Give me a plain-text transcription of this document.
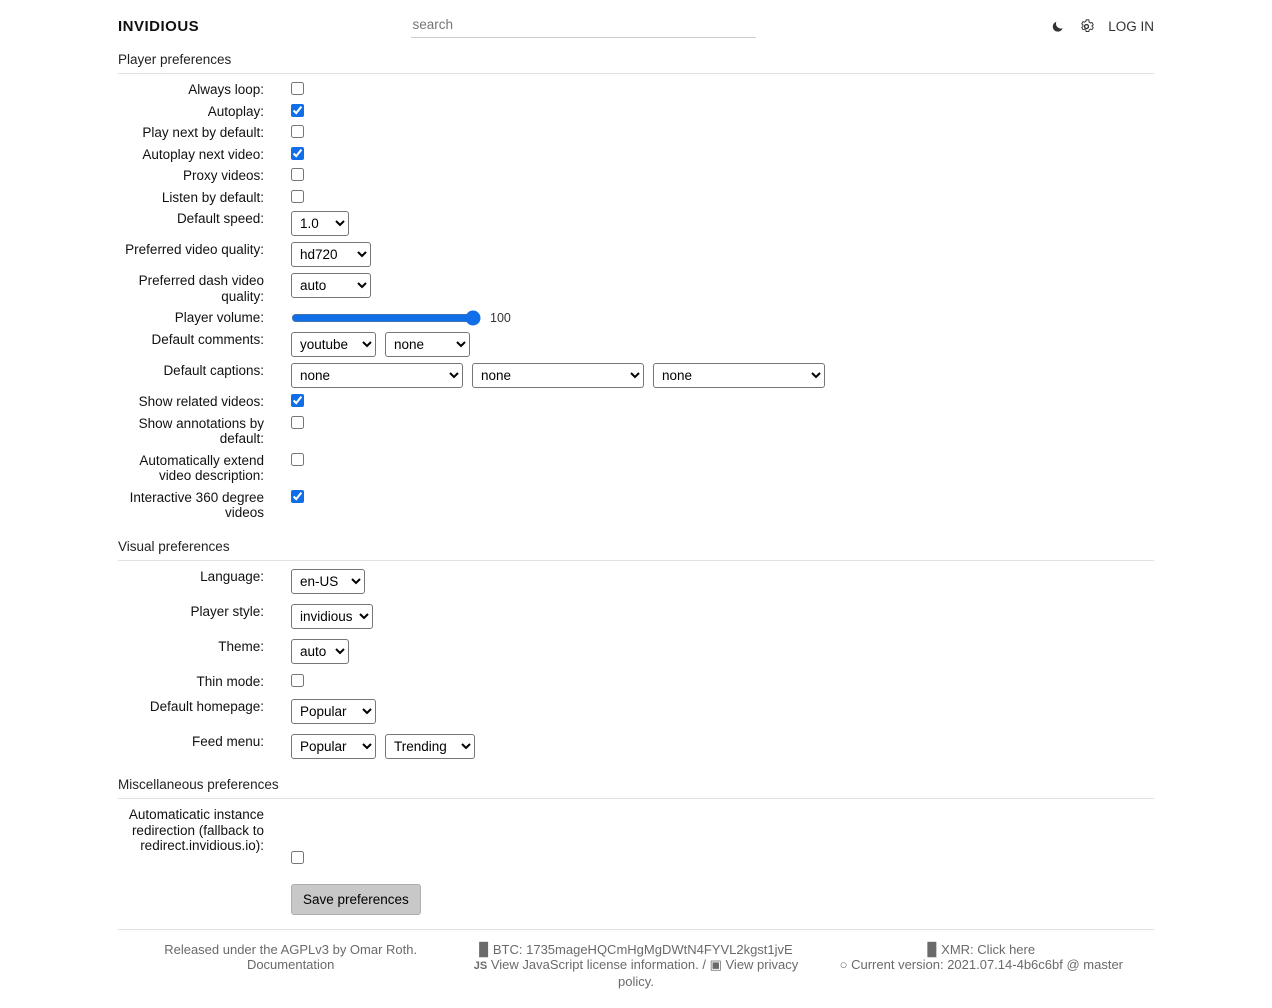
INVIDIOUS
search	LOG IN
Player preferences
Always loop:
Autoplay:
Play next by default:
Autoplay next video:
Proxy videos:
Listen by default:
Default speed:
1.0
Preferred video quality:
hd720
Preferred dash video quality:
auto
Player volume:	100
Default comments:
youtube
none
Default captions:
none
none
none
Show related videos:
Show annotations by default:
Automatically extend video description:
Interactive 360 degree videos
Visual preferences
Language:
en-US
Player style:
invidious
Theme:
auto
Thin mode:
Default homepage:
Popular
Feed menu:
Popular
Trending
Miscellaneous preferences
Automaticatic instance redirection (fallback to redirect.invidious.io):
Save preferences
Released under the AGPLv3 by Omar Roth.
Documentation
▉ BTC: 1735mageHQCmHgMgDWtN4FYVL2kgst1jvE
JS View JavaScript license information. / ▣ View privacy policy.
▉ XMR: Click here
○ Current version: 2021.07.14-4b6c6bf @ master
